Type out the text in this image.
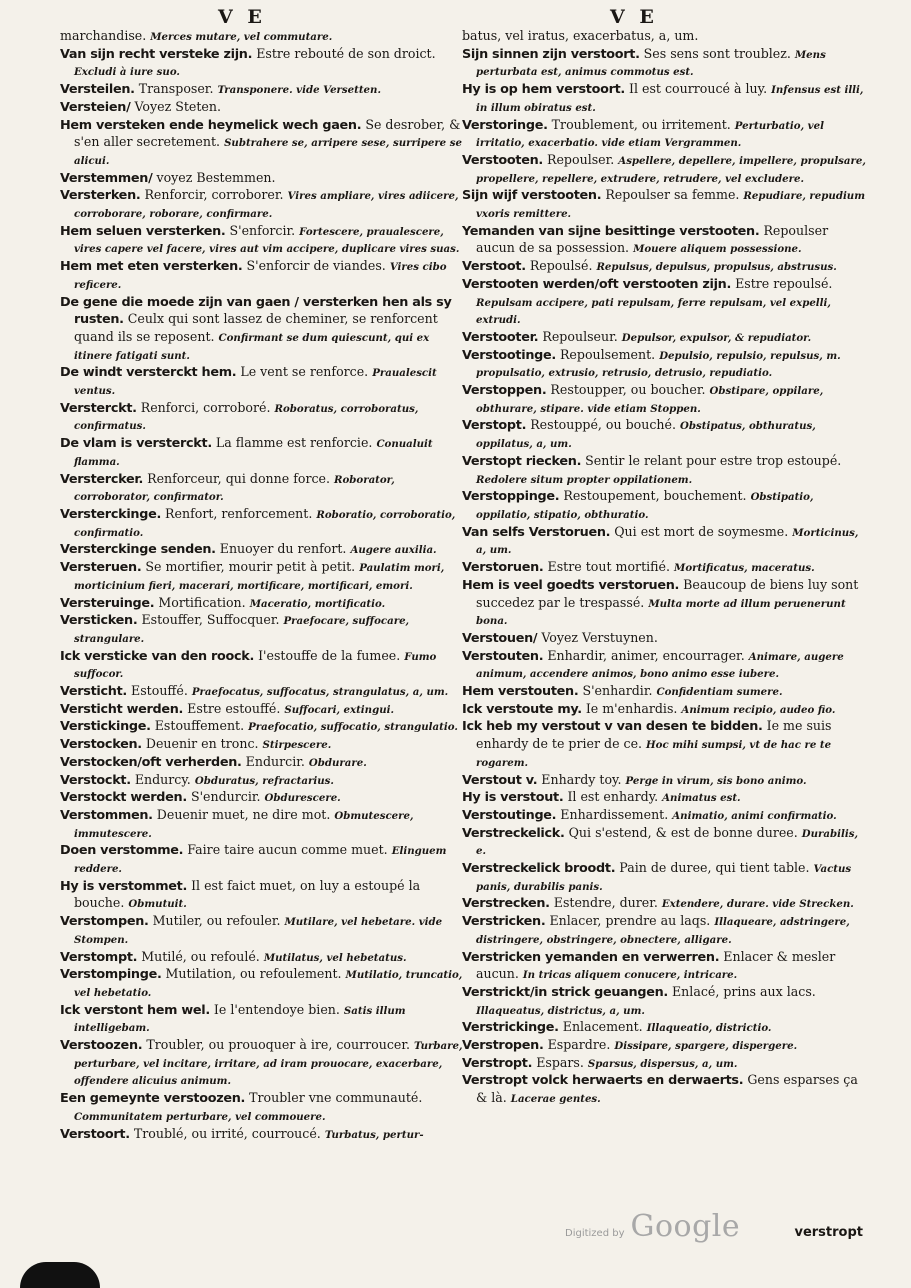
V E	V E

marchandise. Merces mutare, vel commutare.

Van sijn recht versteke zijn. Estre rebouté de son droict. Excludi à iure suo.

Versteilen. Transposer. Transponere. vide Versetten.

Versteien/ Voyez Steten.

Hem versteken ende heymelick wech gaen. Se desrober, & s'en aller secretement. Subtrahere se, arripere sese, surripere se alicui.

Verstemmen/ voyez Bestemmen.

Versterken. Renforcir, corroborer. Vires ampliare, vires adiicere, corroborare, roborare, confirmare.

Hem seluen versterken. S'enforcir. Fortescere, praualescere, vires capere vel facere, vires aut vim accipere, duplicare vires suas.

Hem met eten versterken. S'enforcir de viandes. Vires cibo reficere.

De gene die moede zijn van gaen / versterken hen als sy rusten. Ceulx qui sont lassez de cheminer, se renforcent quand ils se reposent. Confirmant se dum quiescunt, qui ex itinere fatigati sunt.

De windt versterckt hem. Le vent se renforce. Praualescit ventus.

Versterckt. Renforci, corroboré. Roboratus, corroboratus, confirmatus.

De vlam is versterckt. La flamme est renforcie. Conualuit flamma.

Verstercker. Renforceur, qui donne force. Roborator, corroborator, confirmator.

Versterckinge. Renfort, renforcement. Roboratio, corroboratio, confirmatio.

Versterckinge senden. Enuoyer du renfort. Augere auxilia.

Versteruen. Se mortifier, mourir petit à petit. Paulatim mori, morticinium fieri, macerari, mortificare, mortificari, emori.

Versteruinge. Mortification. Maceratio, mortificatio.

Versticken. Estouffer, Suffocquer. Praefocare, suffocare, strangulare.

Ick versticke van den roock. I'estouffe de la fumee. Fumo suffocor.

Versticht. Estouffé. Praefocatus, suffocatus, strangulatus, a, um.

Versticht werden. Estre estouffé. Suffocari, extingui.

Verstickinge. Estouffement. Praefocatio, suffocatio, strangulatio.

Verstocken. Deuenir en tronc. Stirpescere.

Verstocken/oft verherden. Endurcir. Obdurare.

Verstockt. Endurcy. Obduratus, refractarius.

Verstockt werden. S'endurcir. Obdurescere.

Verstommen. Deuenir muet, ne dire mot. Obmutescere, immutescere.

Doen verstomme. Faire taire aucun comme muet. Elinguem reddere.

Hy is verstommet. Il est faict muet, on luy a estoupé la bouche. Obmutuit.

Verstompen. Mutiler, ou refouler. Mutilare, vel hebetare. vide Stompen.

Verstompt. Mutilé, ou refoulé. Mutilatus, vel hebetatus.

Verstompinge. Mutilation, ou refoulement. Mutilatio, truncatio, vel hebetatio.

Ick verstont hem wel. Ie l'entendoye bien. Satis illum intelligebam.

Verstoozen. Troubler, ou prouoquer à ire, courroucer. Turbare, perturbare, vel incitare, irritare, ad iram prouocare, exacerbare, offendere alicuius animum.

Een gemeynte verstoozen. Troubler vne communauté. Communitatem perturbare, vel commouere.

Verstoort. Troublé, ou irrité, courroucé. Turbatus, pertur-

batus, vel iratus, exacerbatus, a, um.

Sijn sinnen zijn verstoort. Ses sens sont troublez. Mens perturbata est, animus commotus est.

Hy is op hem verstoort. Il est courroucé à luy. Infensus est illi, in illum obiratus est.

Verstoringe. Troublement, ou irritement. Perturbatio, vel irritatio, exacerbatio. vide etiam Vergrammen.

Verstooten. Repoulser. Aspellere, depellere, impellere, propulsare, propellere, repellere, extrudere, retrudere, vel excludere.

Sijn wijf verstooten. Repoulser sa femme. Repudiare, repudium vxoris remittere.

Yemanden van sijne besittinge verstooten. Repoulser aucun de sa possession. Mouere aliquem possessione.

Verstoot. Repoulsé. Repulsus, depulsus, propulsus, abstrusus.

Verstooten werden/oft verstooten zijn. Estre repoulsé. Repulsam accipere, pati repulsam, ferre repulsam, vel expelli, extrudi.

Verstooter. Repoulseur. Depulsor, expulsor, & repudiator.

Verstootinge. Repoulsement. Depulsio, repulsio, repulsus, m. propulsatio, extrusio, retrusio, detrusio, repudiatio.

Verstoppen. Restoupper, ou boucher. Obstipare, oppilare, obthurare, stipare. vide etiam Stoppen.

Verstopt. Restouppé, ou bouché. Obstipatus, obthuratus, oppilatus, a, um.

Verstopt riecken. Sentir le relant pour estre trop estoupé. Redolere situm propter oppilationem.

Verstoppinge. Restoupement, bouchement. Obstipatio, oppilatio, stipatio, obthuratio.

Van selfs Verstoruen. Qui est mort de soymesme. Morticinus, a, um.

Verstoruen. Estre tout mortifié. Mortificatus, maceratus.

Hem is veel goedts verstoruen. Beaucoup de biens luy sont succedez par le trespassé. Multa morte ad illum peruenerunt bona.

Verstouen/ Voyez Verstuynen.

Verstouten. Enhardir, animer, encourrager. Animare, augere animum, accendere animos, bono animo esse iubere.

Hem verstouten. S'enhardir. Confidentiam sumere.

Ick verstoute my. Ie m'enhardis. Animum recipio, audeo fio.

Ick heb my verstout v van desen te bidden. Ie me suis enhardy de te prier de ce. Hoc mihi sumpsi, vt de hac re te rogarem.

Verstout v. Enhardy toy. Perge in virum, sis bono animo.

Hy is verstout. Il est enhardy. Animatus est.

Verstoutinge. Enhardissement. Animatio, animi confirmatio.

Verstreckelick. Qui s'estend, & est de bonne duree. Durabilis, e.

Verstreckelick broodt. Pain de duree, qui tient table. Vactus panis, durabilis panis.

Verstrecken. Estendre, durer. Extendere, durare. vide Strecken.

Verstricken. Enlacer, prendre au laqs. Illaqueare, adstringere, distringere, obstringere, obnectere, alligare.

Verstricken yemanden en verwerren. Enlacer & mesler aucun. In tricas aliquem conucere, intricare.

Verstrickt/in strick geuangen. Enlacé, prins aux lacs. Illaqueatus, districtus, a, um.

Verstrickinge. Enlacement. Illaqueatio, districtio.

Verstropen. Espardre. Dissipare, spargere, dispergere.

Verstropt. Espars. Sparsus, dispersus, a, um.

Verstropt volck herwaerts en derwaerts. Gens esparses ça & là. Lacerae gentes.

verstropt
Digitized by Google
